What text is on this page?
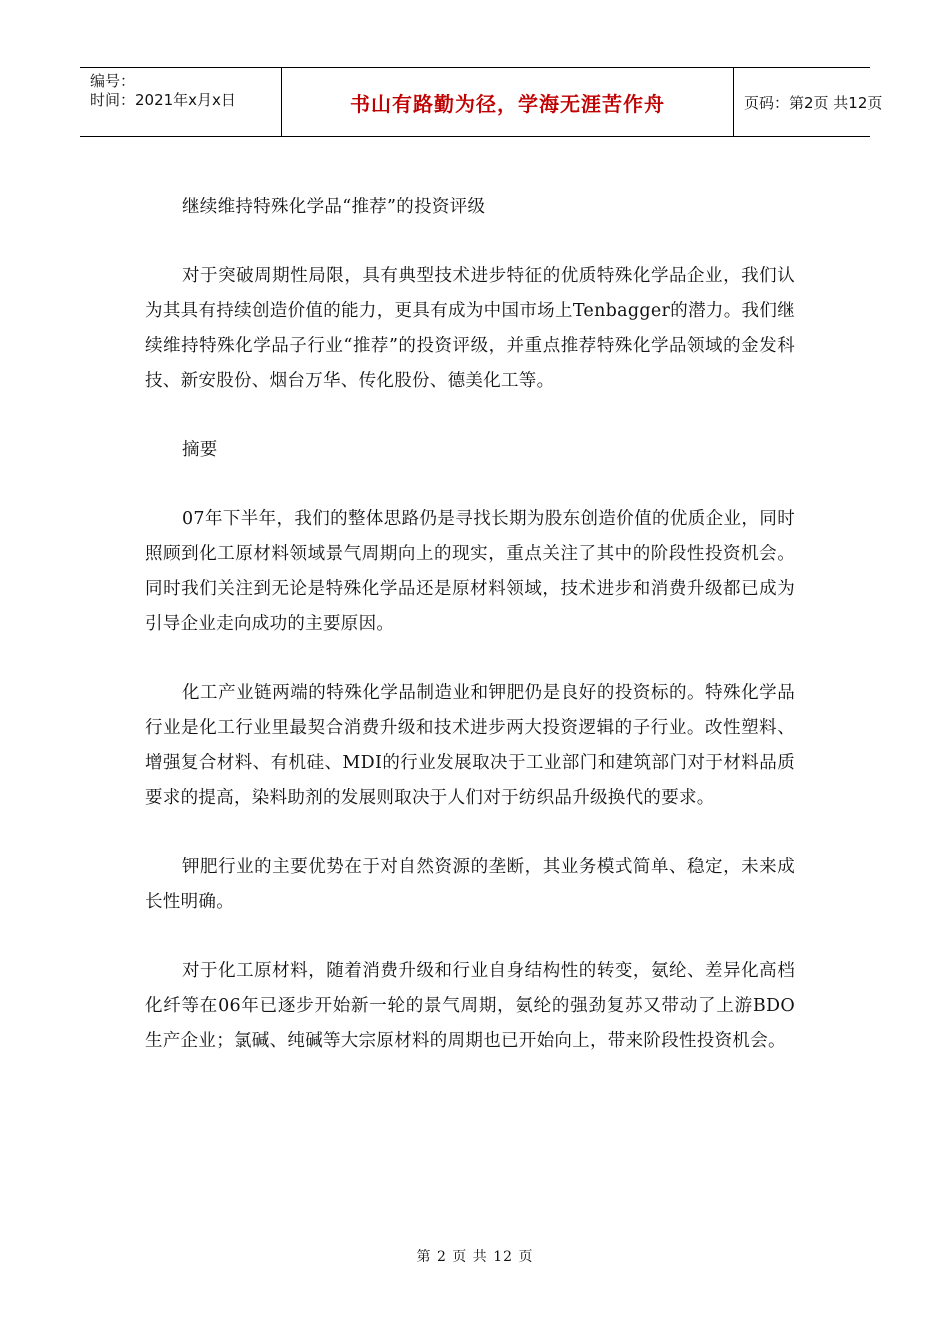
编号：
时间：2021年x月x日	书山有路勤为径，学海无涯苦作舟	页码：第2页 共12页

继续维持特殊化学品“推荐”的投资评级

对于突破周期性局限，具有典型技术进步特征的优质特殊化学品企业，我们认为其具有持续创造价值的能力，更具有成为中国市场上Tenbagger的潜力。我们继续维持特殊化学品子行业“推荐”的投资评级，并重点推荐特殊化学品领域的金发科技、新安股份、烟台万华、传化股份、德美化工等。

摘要

07年下半年，我们的整体思路仍是寻找长期为股东创造价值的优质企业，同时照顾到化工原材料领域景气周期向上的现实，重点关注了其中的阶段性投资机会。同时我们关注到无论是特殊化学品还是原材料领域，技术进步和消费升级都已成为引导企业走向成功的主要原因。

化工产业链两端的特殊化学品制造业和钾肥仍是良好的投资标的。特殊化学品行业是化工行业里最契合消费升级和技术进步两大投资逻辑的子行业。改性塑料、增强复合材料、有机硅、MDI的行业发展取决于工业部门和建筑部门对于材料品质要求的提高，染料助剂的发展则取决于人们对于纺织品升级换代的要求。

钾肥行业的主要优势在于对自然资源的垄断，其业务模式简单、稳定，未来成长性明确。

对于化工原材料，随着消费升级和行业自身结构性的转变，氨纶、差异化高档化纤等在06年已逐步开始新一轮的景气周期，氨纶的强劲复苏又带动了上游BDO生产企业；氯碱、纯碱等大宗原材料的周期也已开始向上，带来阶段性投资机会。

第 2 页 共 12 页
